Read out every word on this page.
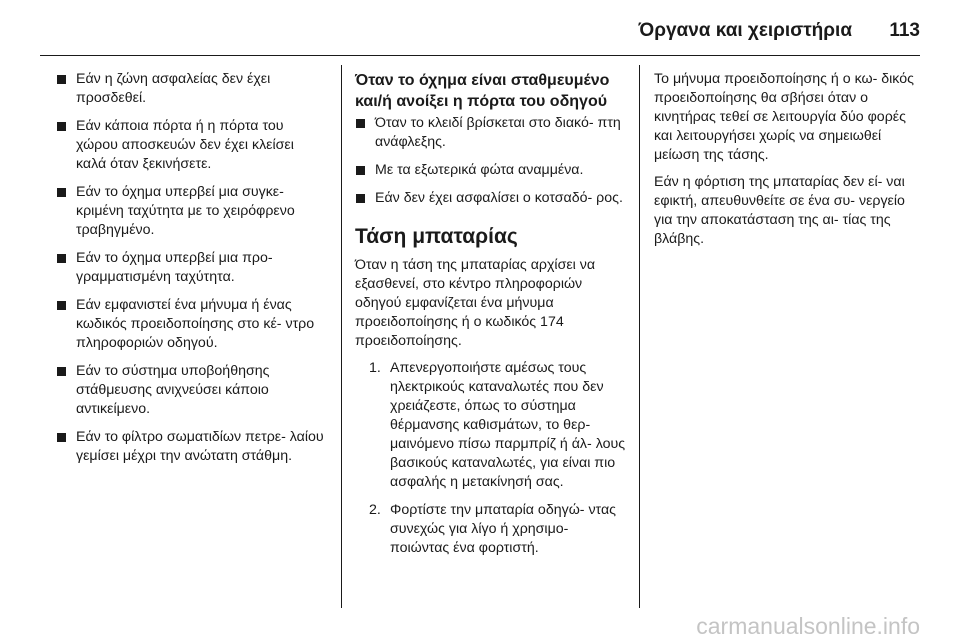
Όργανα και χειριστήρια 113
Εάν η ζώνη ασφαλείας δεν έχει προσδεθεί.
Εάν κάποια πόρτα ή η πόρτα του χώρου αποσκευών δεν έχει κλείσει καλά όταν ξεκινήσετε.
Εάν το όχημα υπερβεί μια συγκε- κριμένη ταχύτητα με το χειρόφρενο τραβηγμένο.
Εάν το όχημα υπερβεί μια προ- γραμματισμένη ταχύτητα.
Εάν εμφανιστεί ένα μήνυμα ή ένας κωδικός προειδοποίησης στο κέ- ντρο πληροφοριών οδηγού.
Εάν το σύστημα υποβοήθησης στάθμευσης ανιχνεύσει κάποιο αντικείμενο.
Εάν το φίλτρο σωματιδίων πετρε- λαίου γεμίσει μέχρι την ανώτατη στάθμη.
Όταν το όχημα είναι σταθμευμένο και/ή ανοίξει η πόρτα του οδηγού
Όταν το κλειδί βρίσκεται στο διακό- πτη ανάφλεξης.
Με τα εξωτερικά φώτα αναμμένα.
Εάν δεν έχει ασφαλίσει ο κοτσαδό- ρος.
Τάση μπαταρίας

Όταν η τάση της μπαταρίας αρχίσει να εξασθενεί, στο κέντρο πληροφοριών οδηγού εμφανίζεται ένα μήνυμα προειδοποίησης ή ο κωδικός 174 προειδοποίησης.

1. Απενεργοποιήστε αμέσως τους ηλεκτρικούς καταναλωτές που δεν χρειάζεστε, όπως το σύστημα θέρμανσης καθισμάτων, το θερ- μαινόμενο πίσω παρμπρίζ ή άλ- λους βασικούς καταναλωτές, για είναι πιο ασφαλής η μετακίνησή σας.
2. Φορτίστε την μπαταρία οδηγώ- ντας συνεχώς για λίγο ή χρησιμο- ποιώντας ένα φορτιστή.

Το μήνυμα προειδοποίησης ή ο κω- δικός προειδοποίησης θα σβήσει όταν ο κινητήρας τεθεί σε λειτουργία δύο φορές και λειτουργήσει χωρίς να σημειωθεί μείωση της τάσης.

Εάν η φόρτιση της μπαταρίας δεν εί- ναι εφικτή, απευθυνθείτε σε ένα συ- νεργείο για την αποκατάσταση της αι- τίας της βλάβης.

carmanualsonline.info
